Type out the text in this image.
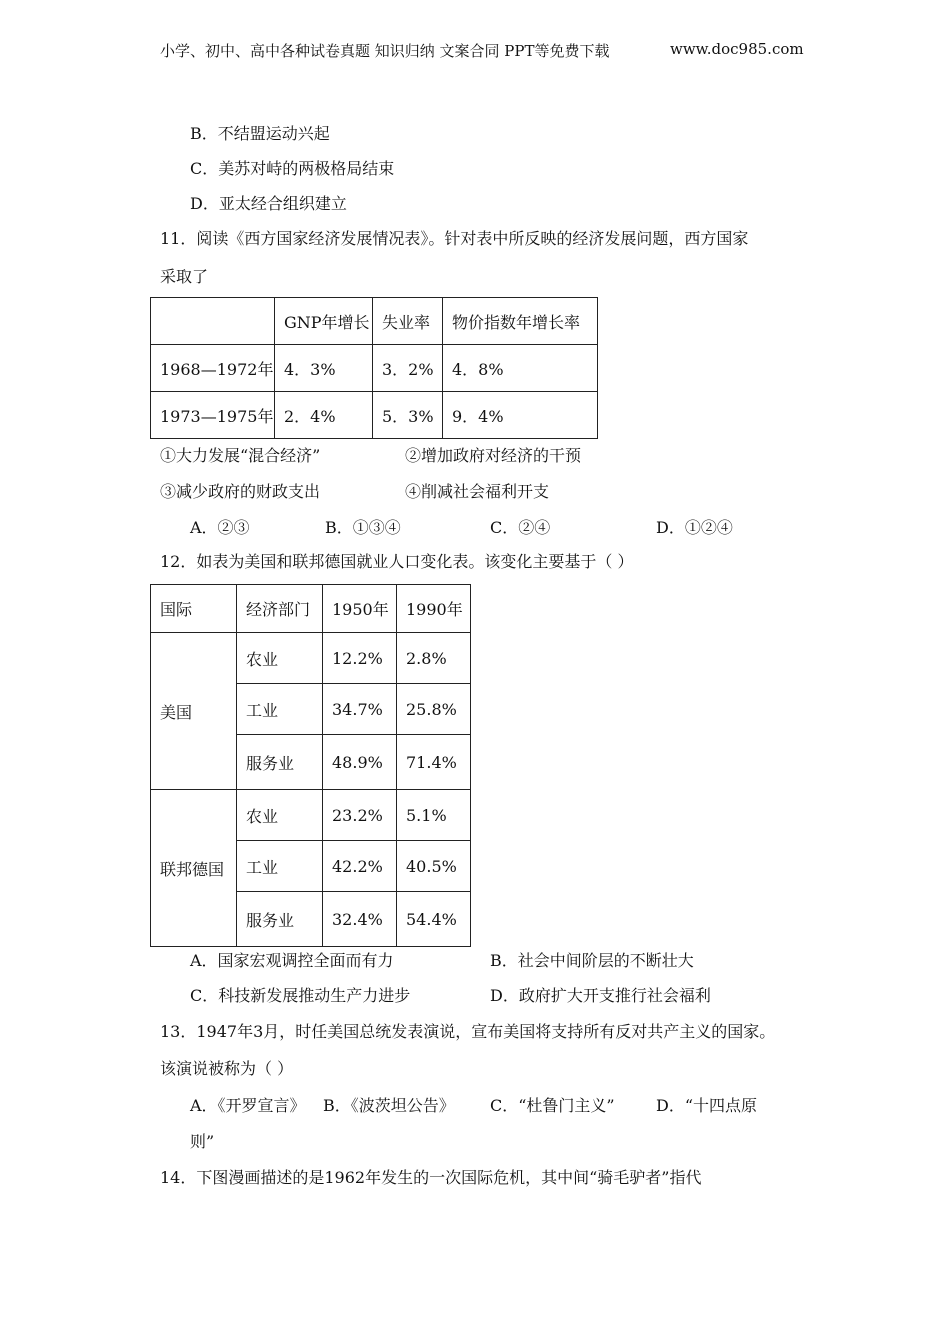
小学、初中、高中各种试卷真题 知识归纳 文案合同 PPT等免费下载	www.doc985.com
B．不结盟运动兴起
C．美苏对峙的两极格局结束
D．亚太经合组织建立
11．阅读《西方国家经济发展情况表》。针对表中所反映的经济发展问题，西方国家
采取了
	GNP年增长	失业率	物价指数年增长率
1968—1972年	4．3%	3．2%	4．8%
1973—1975年	2．4%	5．3%	9．4%
①大力发展“混合经济”	②增加政府对经济的干预
③减少政府的财政支出	④削减社会福利开支
A．②③	B．①③④	C．②④	D．①②④
12．如表为美国和联邦德国就业人口变化表。该变化主要基于（ ）
国际	经济部门	1950年	1990年
美国	农业	12.2%	2.8%
	工业	34.7%	25.8%
	服务业	48.9%	71.4%
联邦德国	农业	23.2%	5.1%
	工业	42.2%	40.5%
	服务业	32.4%	54.4%
A．国家宏观调控全面而有力	B．社会中间阶层的不断壮大
C．科技新发展推动生产力进步	D．政府扩大开支推行社会福利
13．1947年3月，时任美国总统发表演说，宣布美国将支持所有反对共产主义的国家。
该演说被称为（ ）
A．《开罗宣言》 B．《波茨坦公告》 C．“杜鲁门主义”	D．“十四点原
则”
14．下图漫画描述的是1962年发生的一次国际危机，其中间“骑毛驴者”指代
